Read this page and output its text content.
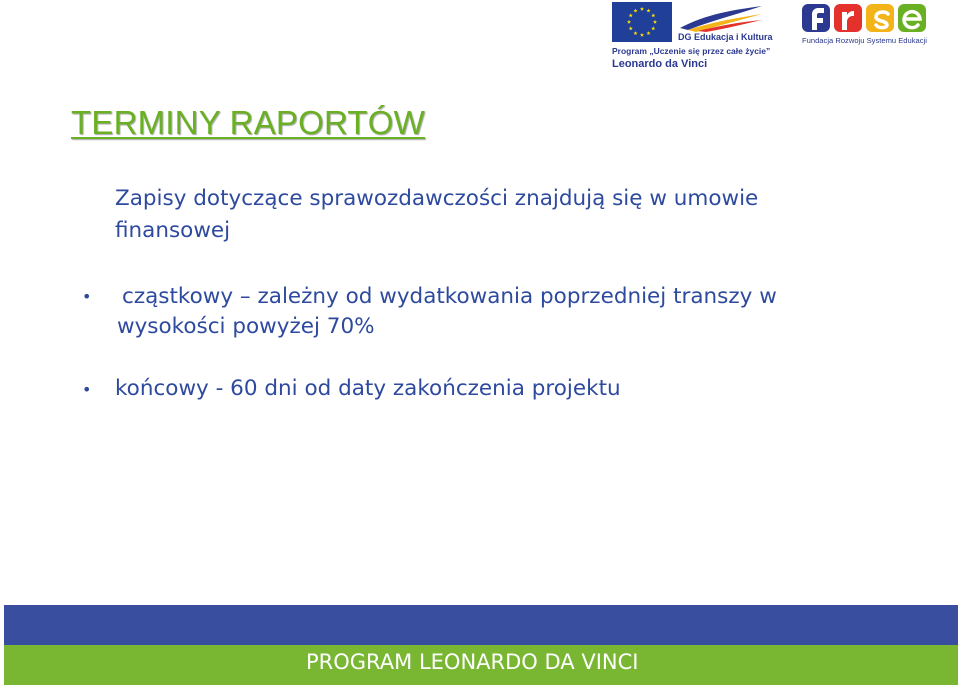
DG Edukacja i Kultura
Program „Uczenie się przez całe życie”
Leonardo da Vinci
Fundacja Rozwoju Systemu Edukacji
TERMINY RAPORTÓW

Zapisy dotyczące sprawozdawczości znajdują się w umowie finansowej

• cząstkowy – zależny od wydatkowania poprzedniej transzy w wysokości powyżej 70%

• końcowy - 60 dni od daty zakończenia projektu

PROGRAM LEONARDO DA VINCI
